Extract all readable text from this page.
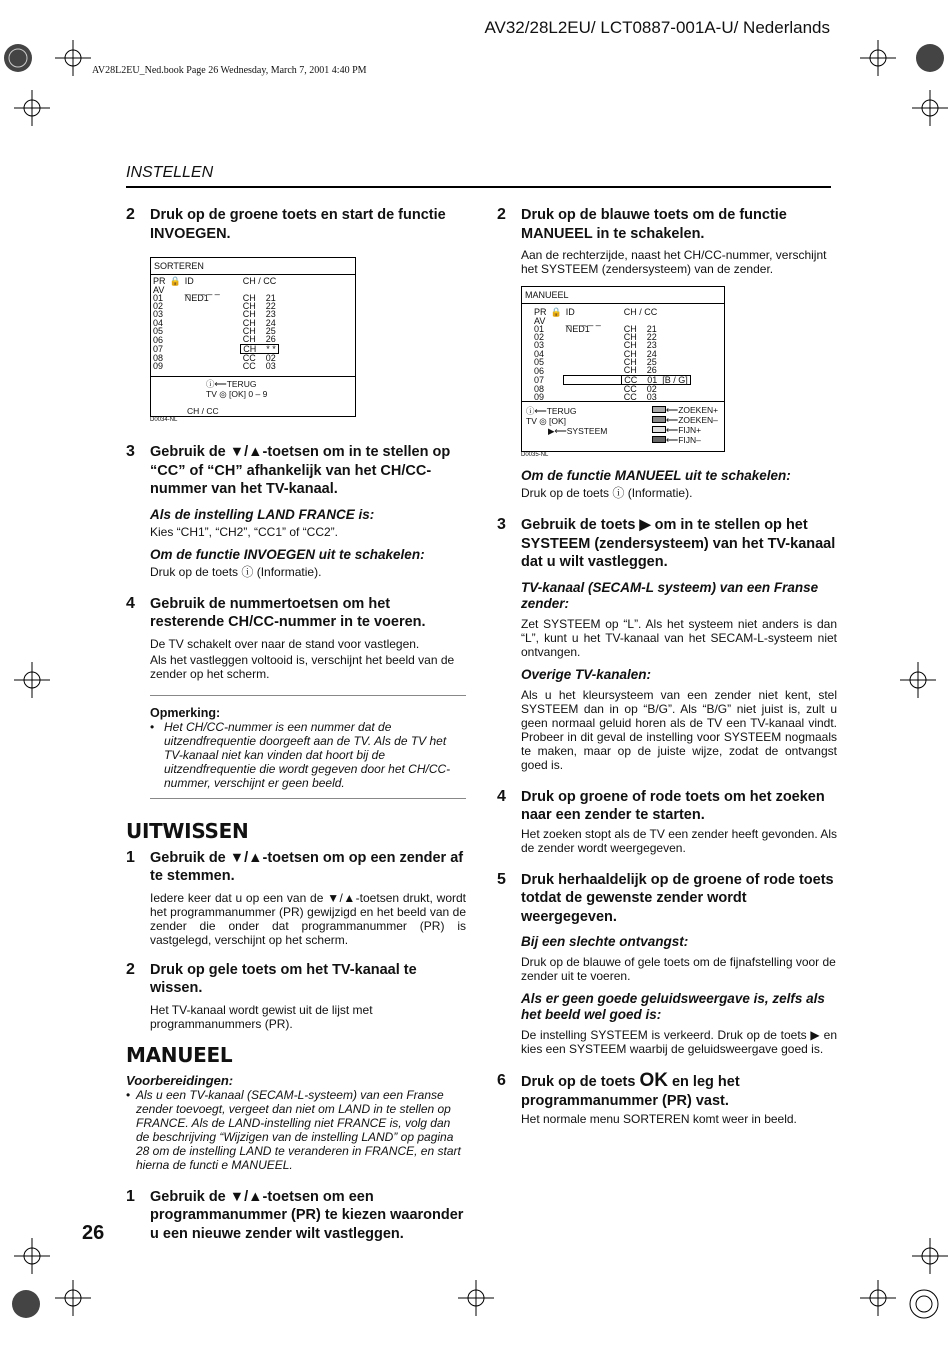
AV32/28L2EU/ LCT0887-001A-U/ Nederlands
AV28L2EU_Ned.book Page 26 Wednesday, March 7, 2001 4:40 PM
INSTELLEN
26
2 Druk op de groene toets en start de functie INVOEGEN.
SORTEREN
PR	🔒	ID	CH / CC
AV		_ _ _ _ _	
01		NED1	CH    21
02			CH    22
03			CH    23
04			CH    24
05			CH    25
06			CH    26
07			CH    * *
08			CC    02
09			CC    03
ⓘ⟵TERUG
TV ◎ [OK] 0 – 9
CH / CC
D0034-NL
3 Gebruik de ▼/▲-toetsen om in te stellen op “CC” of “CH” afhankelijk van het CH/CC-nummer van het TV-kanaal.
Als de instelling LAND FRANCE is:
Kies “CH1”, “CH2”, “CC1” of “CC2”.
Om de functie INVOEGEN uit te schakelen:
Druk op de toets ⓘ (Informatie).
4 Gebruik de nummertoetsen om het resterende CH/CC-nummer in te voeren.
De TV schakelt over naar de stand voor vastlegen.
Als het vastleggen voltooid is, verschijnt het beeld van de zender op het scherm.
Opmerking:
• Het CH/CC-nummer is een nummer dat de uitzendfrequentie doorgeeft aan de TV. Als de TV het TV-kanaal niet kan vinden dat hoort bij de uitzendfrequentie die wordt gegeven door het CH/CC-nummer, verschijnt er geen beeld.
UITWISSEN
1 Gebruik de ▼/▲-toetsen om op een zender af te stemmen.
Iedere keer dat u op een van de ▼/▲-toetsen drukt, wordt het programmanummer (PR) gewijzigd en het beeld van de zender die onder dat programmanummer (PR) is vastgelegd, verschijnt op het scherm.
2 Druk op gele toets om het TV-kanaal te wissen.
Het TV-kanaal wordt gewist uit de lijst met programmanummers (PR).
MANUEEL
Voorbereidingen:
• Als u een TV-kanaal (SECAM-L-systeem) van een Franse zender toevoegt, vergeet dan niet om LAND in te stellen op FRANCE. Als de LAND-instelling niet FRANCE is, volg dan de beschrijving “Wijzigen van de instelling LAND” op pagina 28 om de instelling LAND te veranderen in FRANCE, en start hierna de functi e MANUEEL.
1 Gebruik de ▼/▲-toetsen om een programmanummer (PR) te kiezen waaronder u een nieuwe zender wilt vastleggen.
2 Druk op de blauwe toets om de functie MANUEEL in te schakelen.
Aan de rechterzijde, naast het CH/CC-nummer, verschijnt het SYSTEEM (zendersysteem) van de zender.
MANUEEL
PR	🔒	ID	CH / CC
AV		_ _ _ _ _	
01		NED1	CH    21
02			CH    22
03			CH    23
04			CH    24
05			CH    25
06			CH    26
07			CC    01  [B / G]
08			CC    02
09			CC    03
ⓘ⟵TERUG
TV ◎ [OK]
▶⟵SYSTEEM
⟵ZOEKEN+
⟵ZOEKEN–
⟵FIJN+
⟵FIJN–
D0035-NL
Om de functie MANUEEL uit te schakelen:
Druk op de toets ⓘ (Informatie).
3 Gebruik de toets ▶ om in te stellen op het SYSTEEM (zendersysteem) van het TV-kanaal dat u wilt vastleggen.
TV-kanaal (SECAM-L systeem) van een Franse zender:
Zet SYSTEEM op “L”. Als het systeem niet anders is dan “L”, kunt u het TV-kanaal van het SECAM-L-systeem niet ontvangen.
Overige TV-kanalen:
Als u het kleursysteem van een zender niet kent, stel SYSTEEM dan in op “B/G”. Als “B/G” niet juist is, zult u geen normaal geluid horen als de TV een TV-kanaal vindt. Probeer in dit geval de instelling voor SYSTEEM nogmaals te maken, maar op de juiste wijze, zodat de ontvangst goed is.
4 Druk op groene of rode toets om het zoeken naar een zender te starten.
Het zoeken stopt als de TV een zender heeft gevonden. Als de zender wordt weergegeven.
5 Druk herhaaldelijk op de groene of rode toets totdat de gewenste zender wordt weergegeven.
Bij een slechte ontvangst:
Druk op de blauwe of gele toets om de fijnafstelling voor de zender uit te voeren.
Als er geen goede geluidsweergave is, zelfs als het beeld wel goed is:
De instelling SYSTEEM is verkeerd. Druk op de toets ▶ en kies een SYSTEEM waarbij de geluidsweergave goed is.
6 Druk op de toets OK en leg het programmanummer (PR) vast.
Het normale menu SORTEREN komt weer in beeld.
